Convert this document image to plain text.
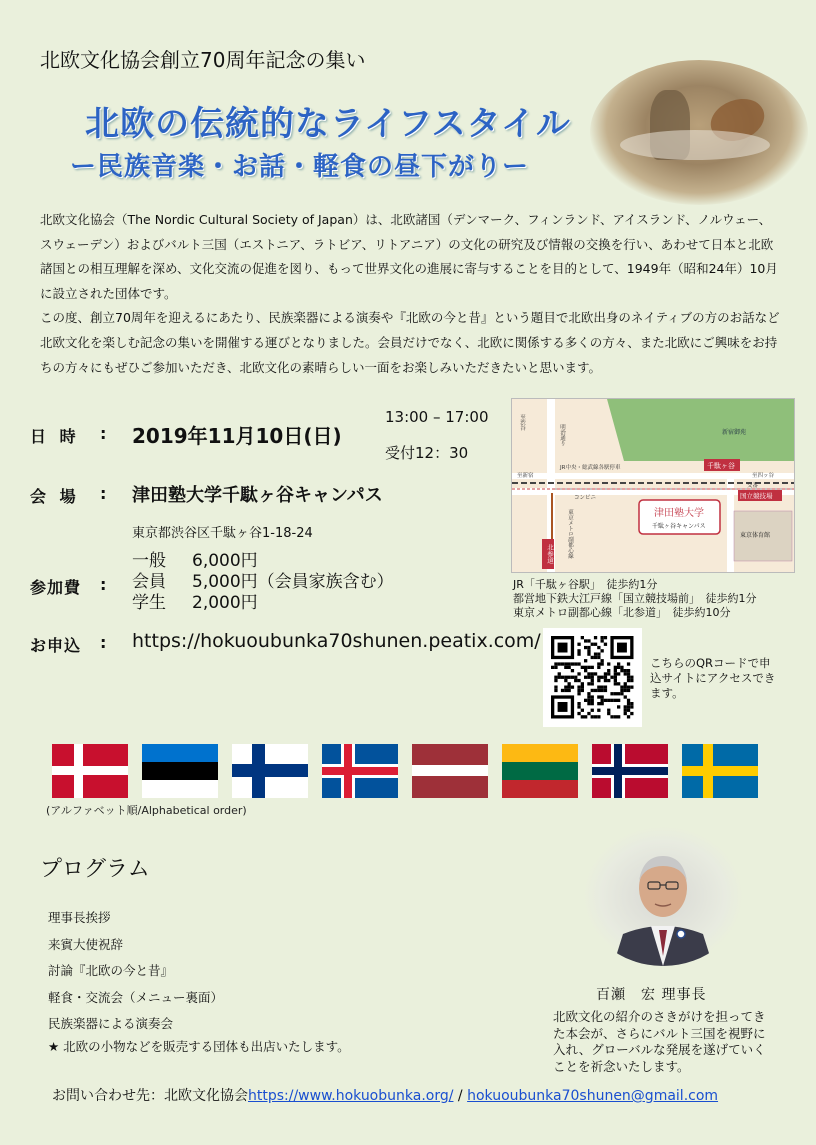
北欧文化協会創立70周年記念の集い
北欧の伝統的なライフスタイル
ー民族音楽・お話・軽食の昼下がりー

北欧文化協会（The Nordic Cultural Society of Japan）は、北欧諸国（デンマーク、フィンランド、アイスランド、ノルウェー、スウェーデン）およびバルト三国（エストニア、ラトビア、リトアニア）の文化の研究及び情報の交換を行い、あわせて日本と北欧諸国との相互理解を深め、文化交流の促進を図り、もって世界文化の進展に寄与することを目的として、1949年（昭和24年）10月に設立された団体です。

この度、創立70周年を迎えるにあたり、民族楽器による演奏や『北欧の今と昔』という題目で北欧出身のネイティブの方のお話など北欧文化を楽しむ記念の集いを開催する運びとなりました。会員だけでなく、北欧に関係する多くの方々、また北欧にご興味をお持ちの方々にもぜひご参加いただき、北欧文化の素晴らしい一面をお楽しみいただきたいと思います。

日 時 : 2019年11月10日(日)
13:00 – 17:00
受付12：30
会 場 : 津田塾大学千駄ヶ谷キャンパス
東京都渋谷区千駄ヶ谷1-18-24
参加費 :
一般 6,000円
会員 5,000円（会員家族含む）
学生 2,000円
お申込 : https://hokuoubunka70shunen.peatix.com/
新宿御苑
東京体育館
津田塾大学
千駄ヶ谷キャンパス
千駄ヶ谷
国立競技場
北参道
JR中央・総武線各駅停車
至新宿	至四ッ谷
交番
コンビニ
至渋谷
明治通り
東京メトロ副都心線
JR「千駄ヶ谷駅」　徒歩約1分
都営地下鉄大江戸線「国立競技場前」　徒歩約1分
東京メトロ副都心線「北参道」　徒歩約10分
こちらのQRコードで申込サイトにアクセスできます。
(アルファベット順/Alphabetical order)
プログラム
理事長挨拶
来賓大使祝辞
討論『北欧の今と昔』
軽食・交流会（メニュー裏面）
民族楽器による演奏会
★ 北欧の小物などを販売する団体も出店いたします。
百瀬　宏 理事長
北欧文化の紹介のさきがけを担ってきた本会が、さらにバルト三国を視野に入れ、グローバルな発展を遂げていくことを祈念いたします。
お問い合わせ先：北欧文化協会https://www.hokuobunka.org/ / hokuoubunka70shunen@gmail.com
